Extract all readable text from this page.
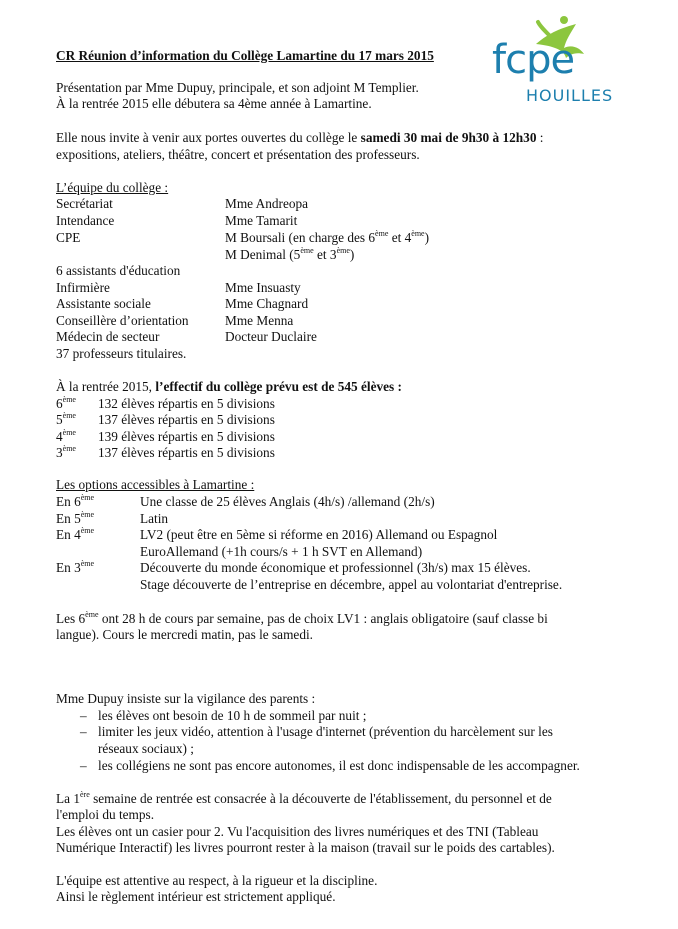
fcpe
HOUILLES
CR Réunion d’information du Collège Lamartine du 17 mars 2015
Présentation par Mme Dupuy, principale, et son adjoint M Templier.
À la rentrée 2015 elle débutera sa 4ème année à Lamartine.
Elle nous invite à venir aux portes ouvertes du collège le samedi 30 mai de 9h30 à 12h30 :
expositions, ateliers, théâtre, concert et présentation des professeurs.
L’équipe du collège :
Secrétariat	Mme Andreopa
Intendance	Mme Tamarit
CPE	M Boursali (en charge des 6ème et 4ème)
M Denimal (5ème et 3ème)
6 assistants d'éducation
Infirmière	Mme Insuasty
Assistante sociale	Mme Chagnard
Conseillère d’orientation	Mme Menna
Médecin de secteur	Docteur Duclaire
37 professeurs titulaires.
À la rentrée 2015, l’effectif du collège prévu est de 545 élèves :
6ème 132 élèves répartis en 5 divisions
5ème 137 élèves répartis en 5 divisions
4ème 139 élèves répartis en 5 divisions
3ème 137 élèves répartis en 5 divisions
Les options accessibles à Lamartine :
En 6ème	Une classe de 25 élèves Anglais (4h/s) /allemand (2h/s)
En 5ème	Latin
En 4ème	LV2 (peut être en 5ème si réforme en 2016) Allemand ou Espagnol
EuroAllemand (+1h cours/s + 1 h SVT en Allemand)
En 3ème	Découverte du monde économique et professionnel (3h/s) max 15 élèves.
Stage découverte de l’entreprise en décembre, appel au volontariat d'entreprise.
Les 6ème ont 28 h de cours par semaine, pas de choix LV1 : anglais obligatoire (sauf classe bi
langue). Cours le mercredi matin, pas le samedi.
Mme Dupuy insiste sur la vigilance des parents :
– les élèves ont besoin de 10 h de sommeil par nuit ;
– limiter les jeux vidéo, attention à l'usage d'internet (prévention du harcèlement sur les
réseaux sociaux) ;
– les collégiens ne sont pas encore autonomes, il est donc indispensable de les accompagner.
La 1ère semaine de rentrée est consacrée à la découverte de l'établissement, du personnel et de
l'emploi du temps.
Les élèves ont un casier pour 2. Vu l'acquisition des livres numériques et des TNI (Tableau
Numérique Interactif) les livres pourront rester à la maison (travail sur le poids des cartables).
L'équipe est attentive au respect, à la rigueur et la discipline.
Ainsi le règlement intérieur est strictement appliqué.
